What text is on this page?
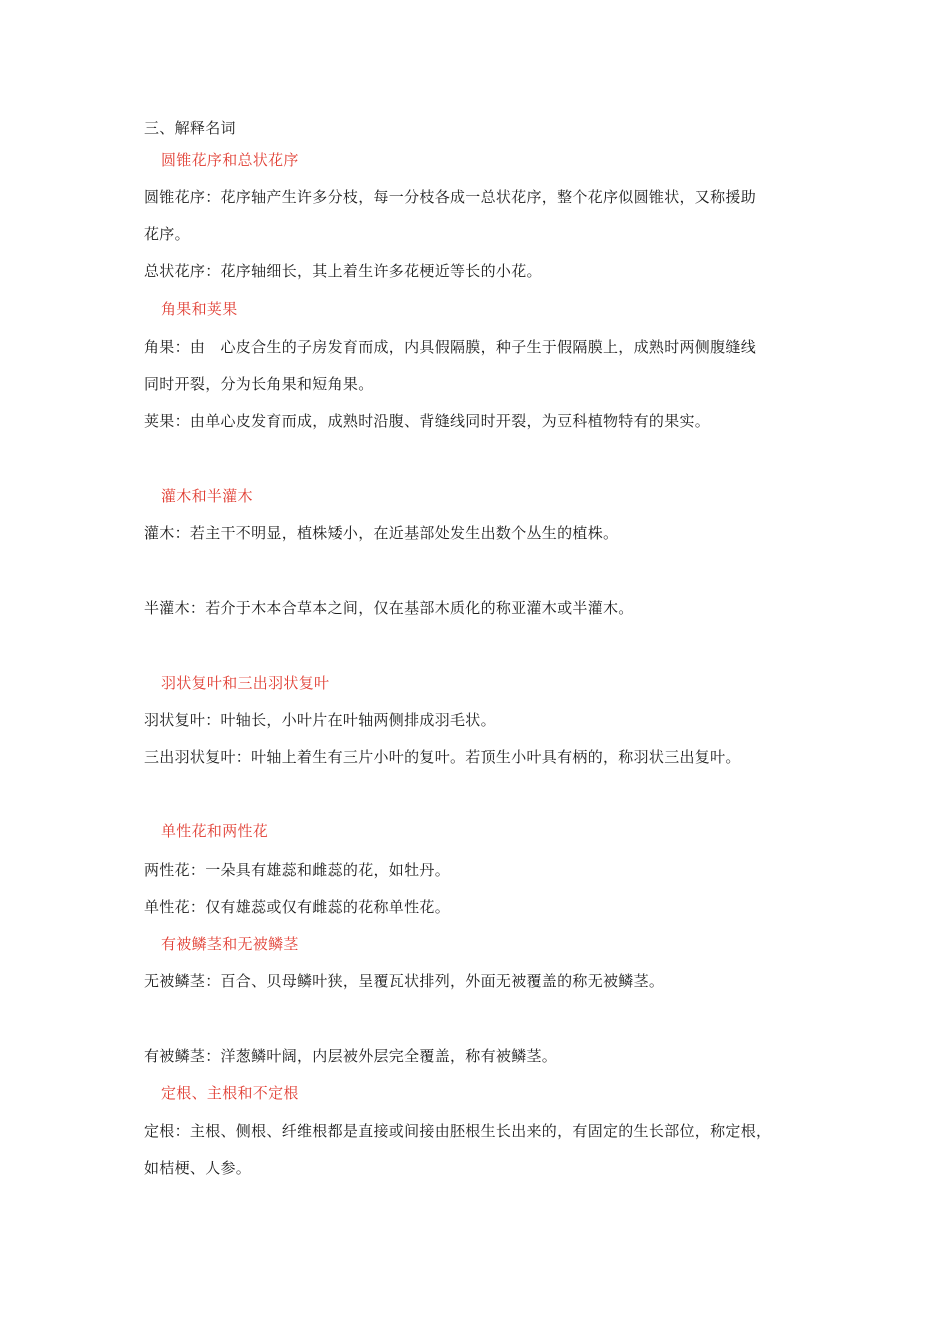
三、解释名词
圆锥花序和总状花序
圆锥花序：花序轴产生许多分枝，每一分枝各成一总状花序，整个花序似圆锥状，又称援助
花序。
总状花序：花序轴细长，其上着生许多花梗近等长的小花。
角果和荚果
角果：由　心皮合生的子房发育而成，内具假隔膜，种子生于假隔膜上，成熟时两侧腹缝线
同时开裂，分为长角果和短角果。
荚果：由单心皮发育而成，成熟时沿腹、背缝线同时开裂，为豆科植物特有的果实。
灌木和半灌木
灌木：若主干不明显，植株矮小，在近基部处发生出数个丛生的植株。
半灌木：若介于木本合草本之间，仅在基部木质化的称亚灌木或半灌木。
羽状复叶和三出羽状复叶
羽状复叶：叶轴长，小叶片在叶轴两侧排成羽毛状。
三出羽状复叶：叶轴上着生有三片小叶的复叶。若顶生小叶具有柄的，称羽状三出复叶。
单性花和两性花
两性花：一朵具有雄蕊和雌蕊的花，如牡丹。
单性花：仅有雄蕊或仅有雌蕊的花称单性花。
有被鳞茎和无被鳞茎
无被鳞茎：百合、贝母鳞叶狭，呈覆瓦状排列，外面无被覆盖的称无被鳞茎。
有被鳞茎：洋葱鳞叶阔，内层被外层完全覆盖，称有被鳞茎。
定根、主根和不定根
定根：主根、侧根、纤维根都是直接或间接由胚根生长出来的，有固定的生长部位，称定根，
如桔梗、人参。
